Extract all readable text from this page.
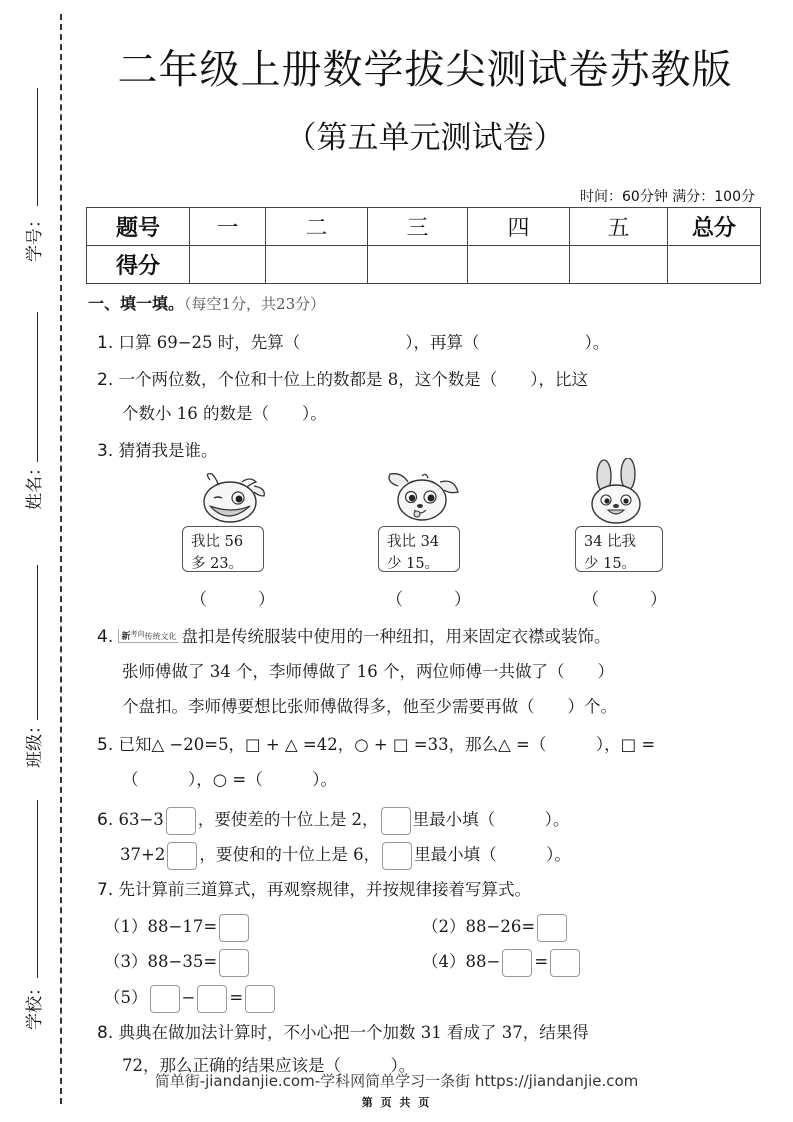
学号：
姓名：
班级：
学校：
二年级上册数学拔尖测试卷苏教版
（第五单元测试卷）
时间：60分钟 满分：100分
题号	一	二	三	四	五	总分
得分						
一、填一填。（每空1分，共23分）
1. 口算 69−25 时，先算（	），再算（	）。
2. 一个两位数，个位和十位上的数都是 8，这个数是（　　），比这
个数小 16 的数是（　　）。
3. 猜猜我是谁。
我比 56
多 23。
（　　　）
我比 34
少 15。
（　　　）
34 比我
少 15。
（　　　）
4. 新$^{考向}$传统文化 盘扣是传统服装中使用的一种纽扣，用来固定衣襟或装饰。
张师傅做了 34 个，李师傅做了 16 个，两位师傅一共做了（　　）
个盘扣。李师傅要想比张师傅做得多，他至少需要再做（　　）个。
5. 已知△ −20=5，□ + △ =42，○ + □ =33，那么△ =（　　　），□ =
（　　　），○ =（　　　）。
6. 63−3 ，要使差的十位上是 2， 里最小填（　　　）。
37+2 ，要使和的十位上是 6， 里最小填（　　　）。
7. 先计算前三道算式，再观察规律，并按规律接着写算式。
（1）88−17=	（2）88−26=
（3）88−35=	（4）88− =
（5） − =
8. 典典在做加法计算时，不小心把一个加数 31 看成了 37，结果得
72，那么正确的结果应该是（　　　）。
简单街-jiandanjie.com-学科网简单学习一条街 https://jiandanjie.com
第 页 共 页
